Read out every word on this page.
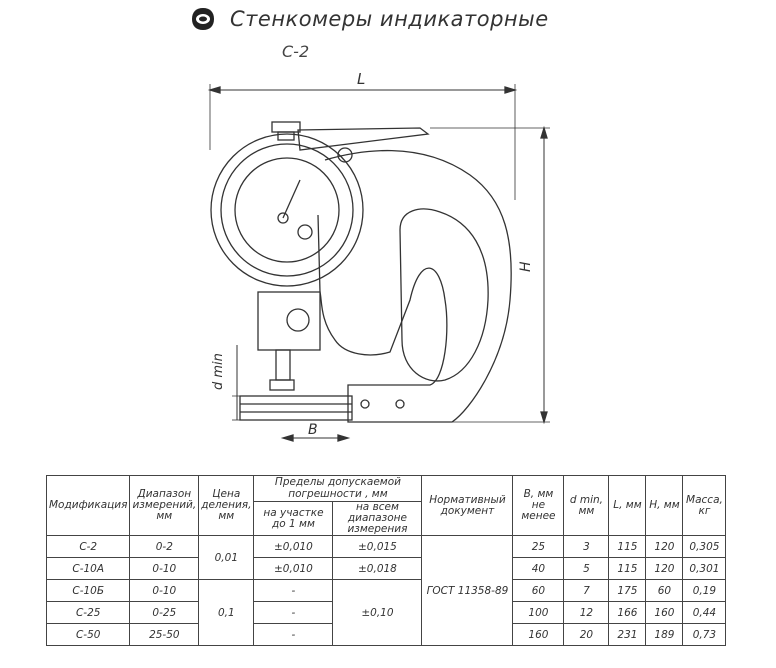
Стенкомеры индикаторные
С-2
L
H
B
d min
Модификация	Диапазон измерений, мм	Цена деления, мм	Пределы допускаемой погрешности , мм		Нормативный документ	B, мм не менее	d min, мм	L, мм	H, мм	Масса, кг
			на участке до 1 мм	на всем диапазоне измерения						
С-2	0-2	0,01	±0,010	±0,015	ГОСТ 11358-89	25	3	115	120	0,305
С-10А	0-10		±0,010	±0,018		40	5	115	120	0,301
С-10Б	0-10	0,1	-	±0,10		60	7	175	60	0,19
С-25	0-25		-			100	12	166	160	0,44
С-50	25-50		-			160	20	231	189	0,73
